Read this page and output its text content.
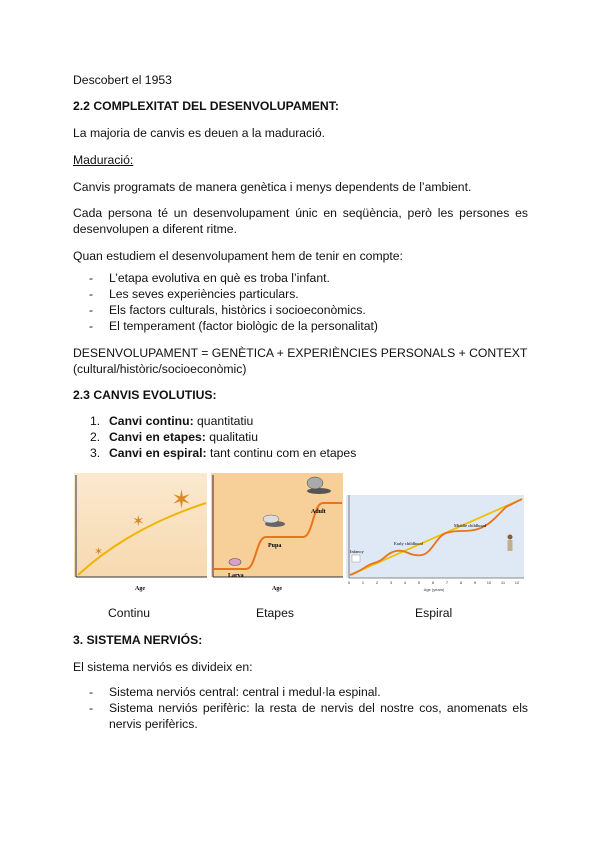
Descobert el 1953

2.2 COMPLEXITAT DEL DESENVOLUPAMENT:

La majoria de canvis es deuen a la maduració.

Maduració:

Canvis programats de manera genètica i menys dependents de l’ambient.

Cada persona té un desenvolupament únic en seqüència, però les persones es desenvolupen a diferent ritme.

Quan estudiem el desenvolupament hem de tenir en compte:

- L’etapa evolutiva en què es troba l’infant.
- Les seves experiències particulars.
- Els factors culturals, històrics i socioeconòmics.
- El temperament (factor biològic de la personalitat)

DESENVOLUPAMENT = GENÈTICA + EXPERIÈNCIES PERSONALS + CONTEXT (cultural/històric/socioeconòmic)

2.3 CANVIS EVOLUTIUS:

1. Canvi continu: quantitatiu
2. Canvi en etapes: qualitatiu
3. Canvi en espiral: tant continu com en etapes

3. SISTEMA NERVIÓS:

El sistema nerviós es divideix en:

- Sistema nerviós central: central i medul·la espinal.
- Sistema nerviós perifèric: la resta de nervis del nostre cos, anomenats els nervis perifèrics.
✶
✶
✶
Age
Larva
Pupa
Adult
Age
Infancy
Early childhood
Middle childhood
0	1	2	3	4	5	6	7	8	9	10 11 12
Age (years)
Continu	Etapes	Espiral
